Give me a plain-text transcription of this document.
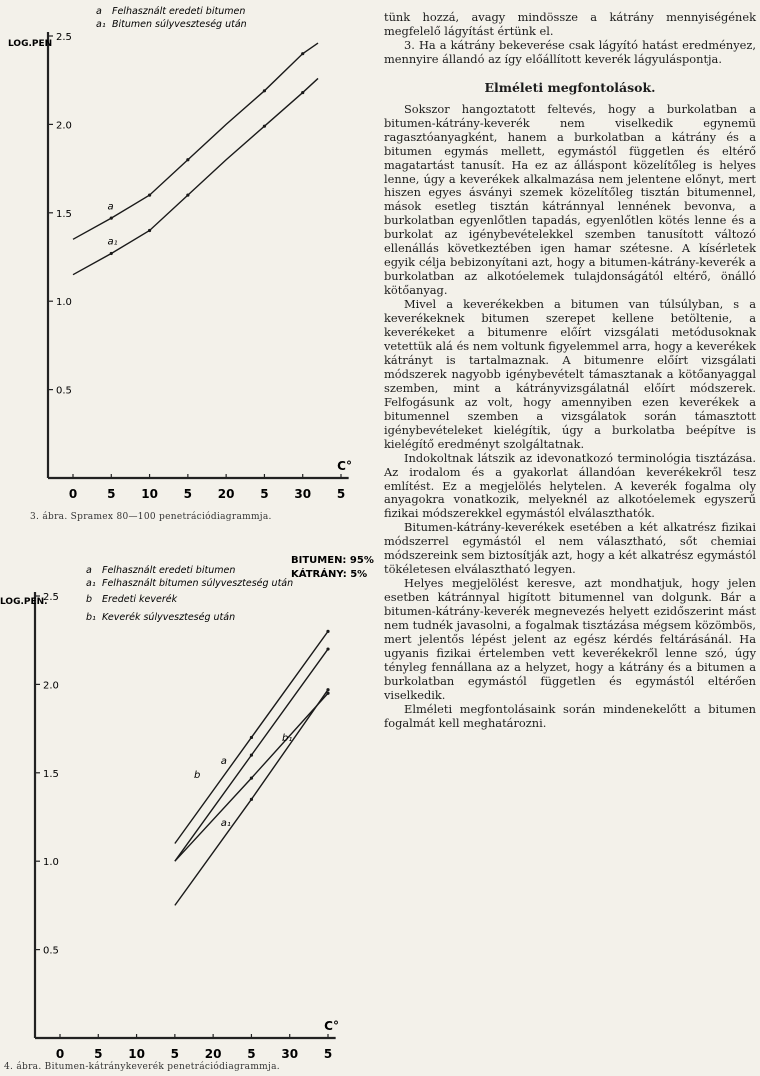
a Felhasznált eredeti bitumen
a₁ Bitumen súlyveszteség után
LOG.PEN
C°
0.5
1.0
1.5
2.0
2.5
0 5 10 5 20 5 30 5
a
a₁
3. ábra. Spramex 80—100 penetrációdiagrammja.
a Felhasznált eredeti bitumen
a₁ Felhasznált bitumen súlyveszteség után
b Eredeti keverék
b₁ Keverék súlyveszteség után
BITUMEN: 95%
KÁTRÁNY: 5%
LOG.PEN.
C°
0.5
1.0
1.5
2.0
2.5
0 5 10 5 20 5 30 5
a
a₁
b
b₁
4. ábra. Bitumen-kátránykeverék penetrációdiagrammja.

tünk hozzá, avagy mindössze a kátrány mennyiségének megfelelő lágyítást értünk el.

3. Ha a kátrány bekeverése csak lágyító hatást eredményez, mennyire állandó az így előállított keverék lágyuláspontja.

Elméleti megfontolások.

Sokszor hangoztatott feltevés, hogy a burkolatban a bitumen-kátrány-keverék nem viselkedik egynemü ragasztóanyagként, hanem a burkolatban a kátrány és a bitumen egymás mellett, egymástól független és eltérő magatartást tanusít. Ha ez az álláspont közelítőleg is helyes lenne, úgy a keverékek alkalmazása nem jelentene előnyt, mert hiszen egyes ásványi szemek közelítőleg tisztán bitumennel, mások esetleg tisztán kátránnyal lennének bevonva, a burkolatban egyenlőtlen tapadás, egyenlőtlen kötés lenne és a burkolat az igénybevételekkel szemben tanusított változó ellenállás következtében igen hamar szétesne. A kísérletek egyik célja bebizonyítani azt, hogy a bitumen-kátrány-keverék a burkolatban az alkotóelemek tulajdonságától eltérő, önálló kötőanyag.

Mivel a keverékekben a bitumen van túlsúlyban, s a keverékeknek bitumen szerepet kellene betöltenie, a keverékeket a bitumenre előírt vizsgálati metódusoknak vetettük alá és nem voltunk figyelemmel arra, hogy a keverékek kátrányt is tartalmaznak. A bitumenre előírt vizsgálati módszerek nagyobb igénybevételt támasztanak a kötőanyaggal szemben, mint a kátrányvizsgálatnál előírt módszerek. Felfogásunk az volt, hogy amennyiben ezen keverékek a bitumennel szemben a vizsgálatok során támasztott igénybevételeket kielégítik, úgy a burkolatba beépítve is kielégítő eredményt szolgáltatnak.

Indokoltnak látszik az idevonatkozó terminológia tisztázása. Az irodalom és a gyakorlat állandóan keverékekről tesz említést. Ez a megjelölés helytelen. A keverék fogalma oly anyagokra vonatkozik, melyeknél az alkotóelemek egyszerű fizikai módszerekkel egymástól elválaszthatók.

Bitumen-kátrány-keverékek esetében a két alkatrész fizikai módszerrel egymástól el nem választható, sőt chemiai módszereink sem biztosítják azt, hogy a két alkatrész egymástól tökéletesen elválasztható legyen.

Helyes megjelölést keresve, azt mondhatjuk, hogy jelen esetben kátránnyal higított bitumennel van dolgunk. Bár a bitumen-kátrány-keverék megnevezés helyett ezidőszerint mást nem tudnék javasolni, a fogalmak tisztázása mégsem közömbös, mert jelentős lépést jelent az egész kérdés feltárásánál. Ha ugyanis fizikai értelemben vett keverékekről lenne szó, úgy tényleg fennállana az a helyzet, hogy a kátrány és a bitumen a burkolatban egymástól független és egymástól eltérően viselkedik.

Elméleti megfontolásaink során mindenekelőtt a bitumen fogalmát kell meghatározni.
